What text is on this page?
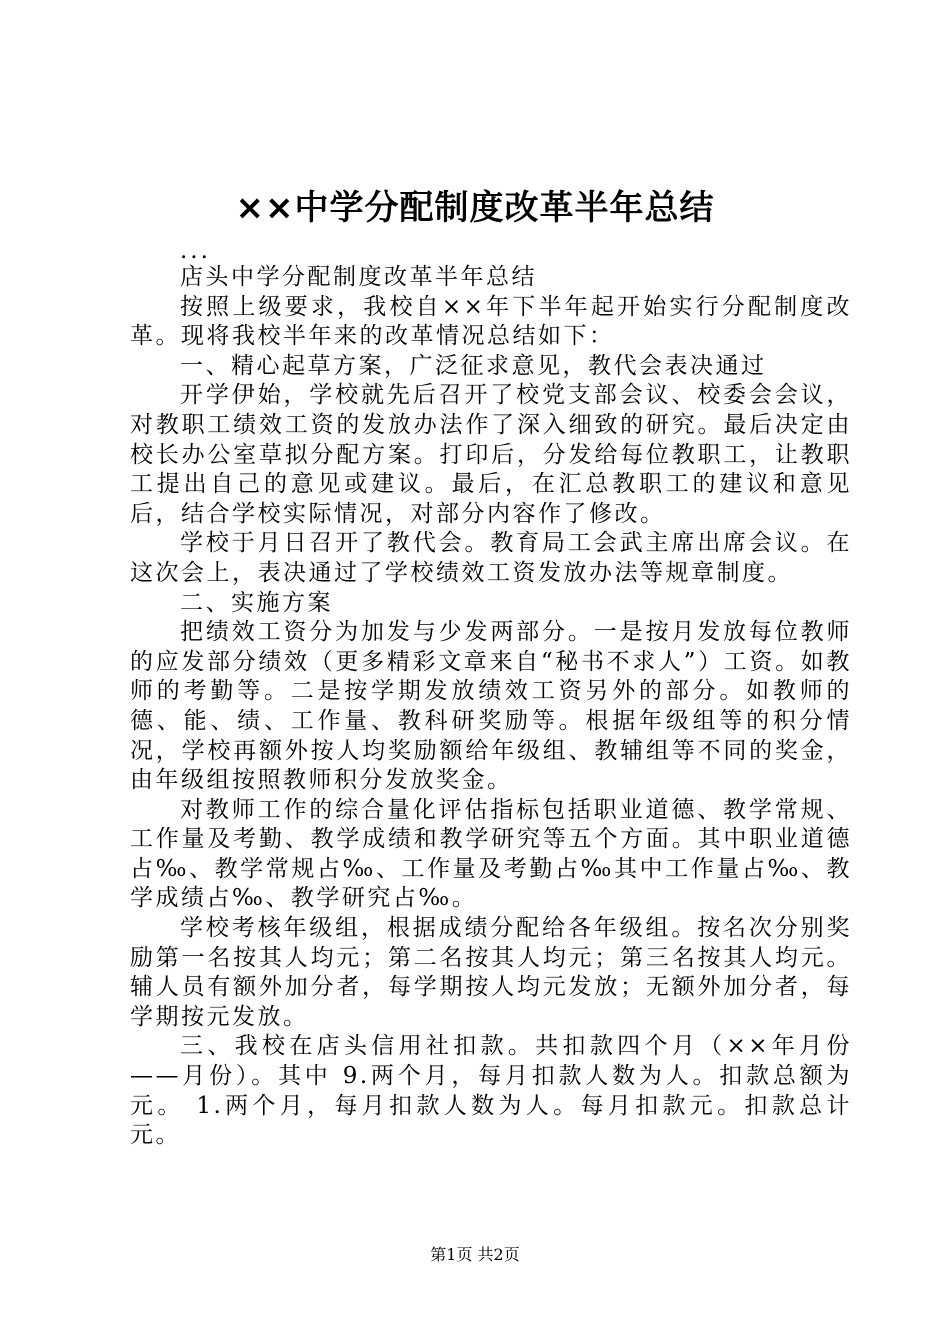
××中学分配制度改革半年总结

...

店头中学分配制度改革半年总结

按照上级要求，我校自××年下半年起开始实行分配制度改革。现将我校半年来的改革情况总结如下：

一、精心起草方案，广泛征求意见，教代会表决通过

开学伊始，学校就先后召开了校党支部会议、校委会会议，对教职工绩效工资的发放办法作了深入细致的研究。最后决定由校长办公室草拟分配方案。打印后，分发给每位教职工，让教职工提出自己的意见或建议。最后，在汇总教职工的建议和意见后，结合学校实际情况，对部分内容作了修改。

学校于月日召开了教代会。教育局工会武主席出席会议。在这次会上，表决通过了学校绩效工资发放办法等规章制度。

二、实施方案

把绩效工资分为加发与少发两部分。一是按月发放每位教师的应发部分绩效（更多精彩文章来自“秘书不求人”）工资。如教师的考勤等。二是按学期发放绩效工资另外的部分。如教师的德、能、绩、工作量、教科研奖励等。根据年级组等的积分情况，学校再额外按人均奖励额给年级组、教辅组等不同的奖金，由年级组按照教师积分发放奖金。

对教师工作的综合量化评估指标包括职业道德、教学常规、工作量及考勤、教学成绩和教学研究等五个方面。其中职业道德占‰、教学常规占‰、工作量及考勤占‰其中工作量占‰、教学成绩占‰、教学研究占‰。

学校考核年级组，根据成绩分配给各年级组。按名次分别奖励第一名按其人均元；第二名按其人均元；第三名按其人均元。辅人员有额外加分者，每学期按人均元发放；无额外加分者，每学期按元发放。

三、我校在店头信用社扣款。共扣款四个月（××年月份——月份）。其中 9.两个月，每月扣款人数为人。扣款总额为元。 1.两个月，每月扣款人数为人。每月扣款元。扣款总计元。

第1页 共2页
